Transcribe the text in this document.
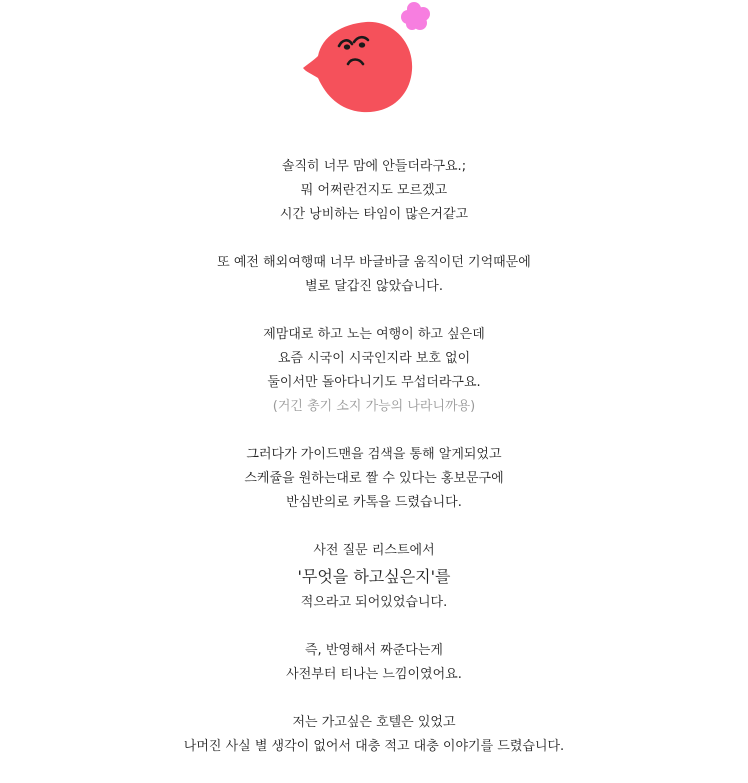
솔직히 너무 맘에 안들더라구요.;
뭐 어쩌란건지도 모르겠고
시간 낭비하는 타임이 많은거같고
또 예전 해외여행때 너무 바글바글 움직이던 기억때문에
별로 달갑진 않았습니다.
제맘대로 하고 노는 여행이 하고 싶은데
요즘 시국이 시국인지라 보호 없이
둘이서만 돌아다니기도 무섭더라구요.
(거긴 총기 소지 가능의 나라니까용)
그러다가 가이드맨을 검색을 통해 알게되었고
스케쥴을 원하는대로 짤 수 있다는 홍보문구에
반심반의로 카톡을 드렸습니다.
사전 질문 리스트에서
'무엇을 하고싶은지'를
적으라고 되어있었습니다.
즉, 반영해서 짜준다는게
사전부터 티나는 느낌이였어요.
저는 가고싶은 호텔은 있었고
나머진 사실 별 생각이 없어서 대충 적고 대충 이야기를 드렸습니다.
